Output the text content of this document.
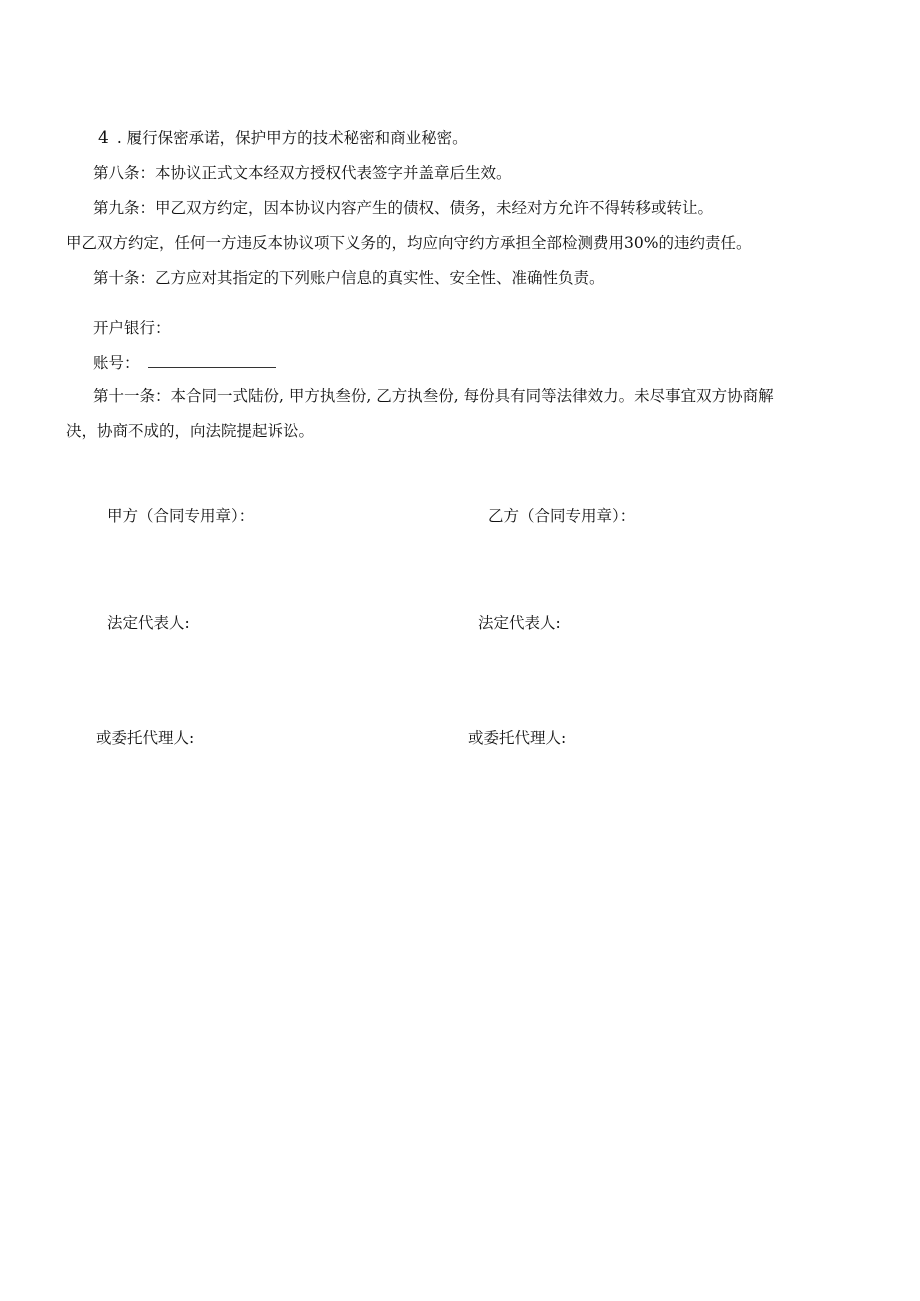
4 . 履行保密承诺，保护甲方的技术秘密和商业秘密。
第八条：本协议正式文本经双方授权代表签字并盖章后生效。
第九条：甲乙双方约定，因本协议内容产生的债权、债务，未经对方允许不得转移或转让。
甲乙双方约定，任何一方违反本协议项下义务的，均应向守约方承担全部检测费用30%的违约责任。
第十条：乙方应对其指定的下列账户信息的真实性、安全性、准确性负责。
开户银行：
账号：
第十一条：本合同一式陆份, 甲方执叁份, 乙方执叁份, 每份具有同等法律效力。未尽事宜双方协商解
决，协商不成的，向法院提起诉讼。
甲方（合同专用章）：	乙方（合同专用章）：
法定代表人:	法定代表人:
或委托代理人:	或委托代理人:
